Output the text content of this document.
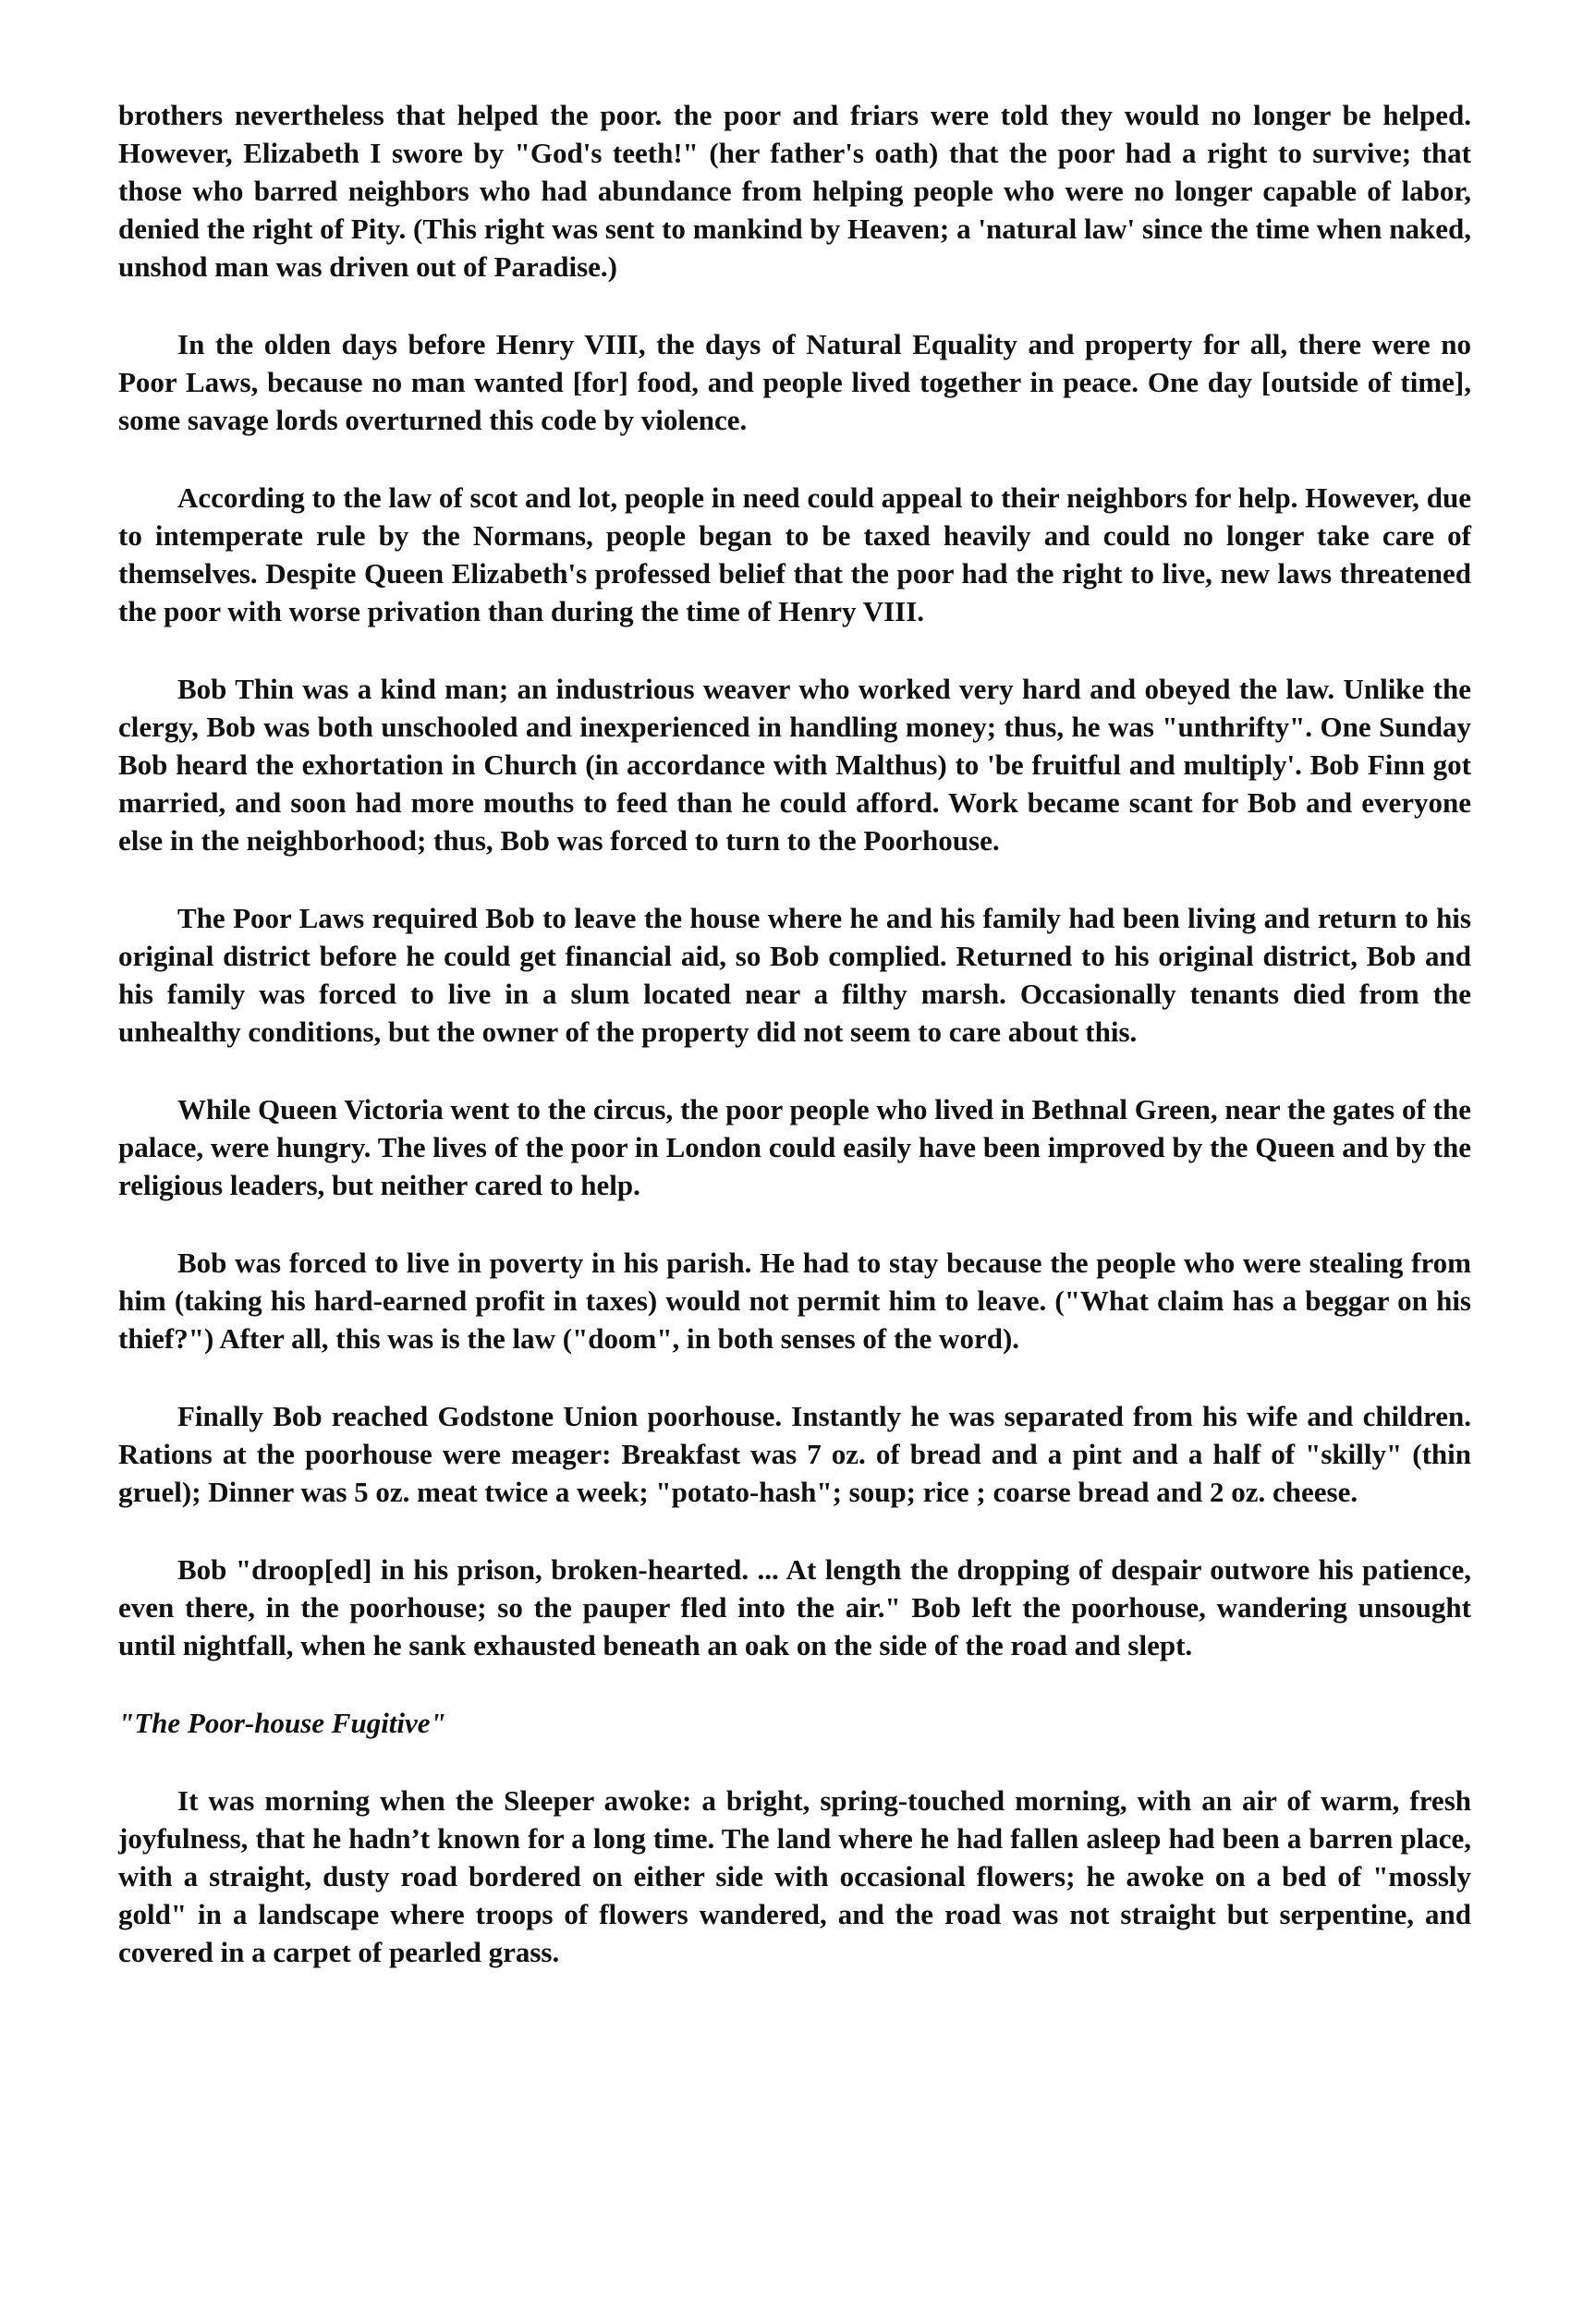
brothers nevertheless that helped the poor. the poor and friars were told they would no longer be helped. However, Elizabeth I swore by "God's teeth!" (her father's oath) that the poor had a right to survive; that those who barred neighbors who had abundance from helping people who were no longer capable of labor, denied the right of Pity. (This right was sent to mankind by Heaven; a 'natural law' since the time when naked, unshod man was driven out of Paradise.)

In the olden days before Henry VIII, the days of Natural Equality and property for all, there were no Poor Laws, because no man wanted [for] food, and people lived together in peace. One day [outside of time], some savage lords overturned this code by violence.

According to the law of scot and lot, people in need could appeal to their neighbors for help. However, due to intemperate rule by the Normans, people began to be taxed heavily and could no longer take care of themselves. Despite Queen Elizabeth's professed belief that the poor had the right to live, new laws threatened the poor with worse privation than during the time of Henry VIII.

Bob Thin was a kind man; an industrious weaver who worked very hard and obeyed the law. Unlike the clergy, Bob was both unschooled and inexperienced in handling money; thus, he was "unthrifty". One Sunday Bob heard the exhortation in Church (in accordance with Malthus) to 'be fruitful and multiply'. Bob Finn got married, and soon had more mouths to feed than he could afford. Work became scant for Bob and everyone else in the neighborhood; thus, Bob was forced to turn to the Poorhouse.

The Poor Laws required Bob to leave the house where he and his family had been living and return to his original district before he could get financial aid, so Bob complied. Returned to his original district, Bob and his family was forced to live in a slum located near a filthy marsh. Occasionally tenants died from the unhealthy conditions, but the owner of the property did not seem to care about this.

While Queen Victoria went to the circus, the poor people who lived in Bethnal Green, near the gates of the palace, were hungry. The lives of the poor in London could easily have been improved by the Queen and by the religious leaders, but neither cared to help.

Bob was forced to live in poverty in his parish. He had to stay because the people who were stealing from him (taking his hard-earned profit in taxes) would not permit him to leave. ("What claim has a beggar on his thief?") After all, this was is the law ("doom", in both senses of the word).

Finally Bob reached Godstone Union poorhouse. Instantly he was separated from his wife and children. Rations at the poorhouse were meager: Breakfast was 7 oz. of bread and a pint and a half of "skilly" (thin gruel); Dinner was 5 oz. meat twice a week; "potato-hash"; soup; rice ; coarse bread and 2 oz. cheese.

Bob "droop[ed] in his prison, broken-hearted. ... At length the dropping of despair outwore his patience, even there, in the poorhouse; so the pauper fled into the air." Bob left the poorhouse, wandering unsought until nightfall, when he sank exhausted beneath an oak on the side of the road and slept.

"The Poor-house Fugitive"

It was morning when the Sleeper awoke: a bright, spring-touched morning, with an air of warm, fresh joyfulness, that he hadn’t known for a long time. The land where he had fallen asleep had been a barren place, with a straight, dusty road bordered on either side with occasional flowers; he awoke on a bed of "mossly gold" in a landscape where troops of flowers wandered, and the road was not straight but serpentine, and covered in a carpet of pearled grass.
